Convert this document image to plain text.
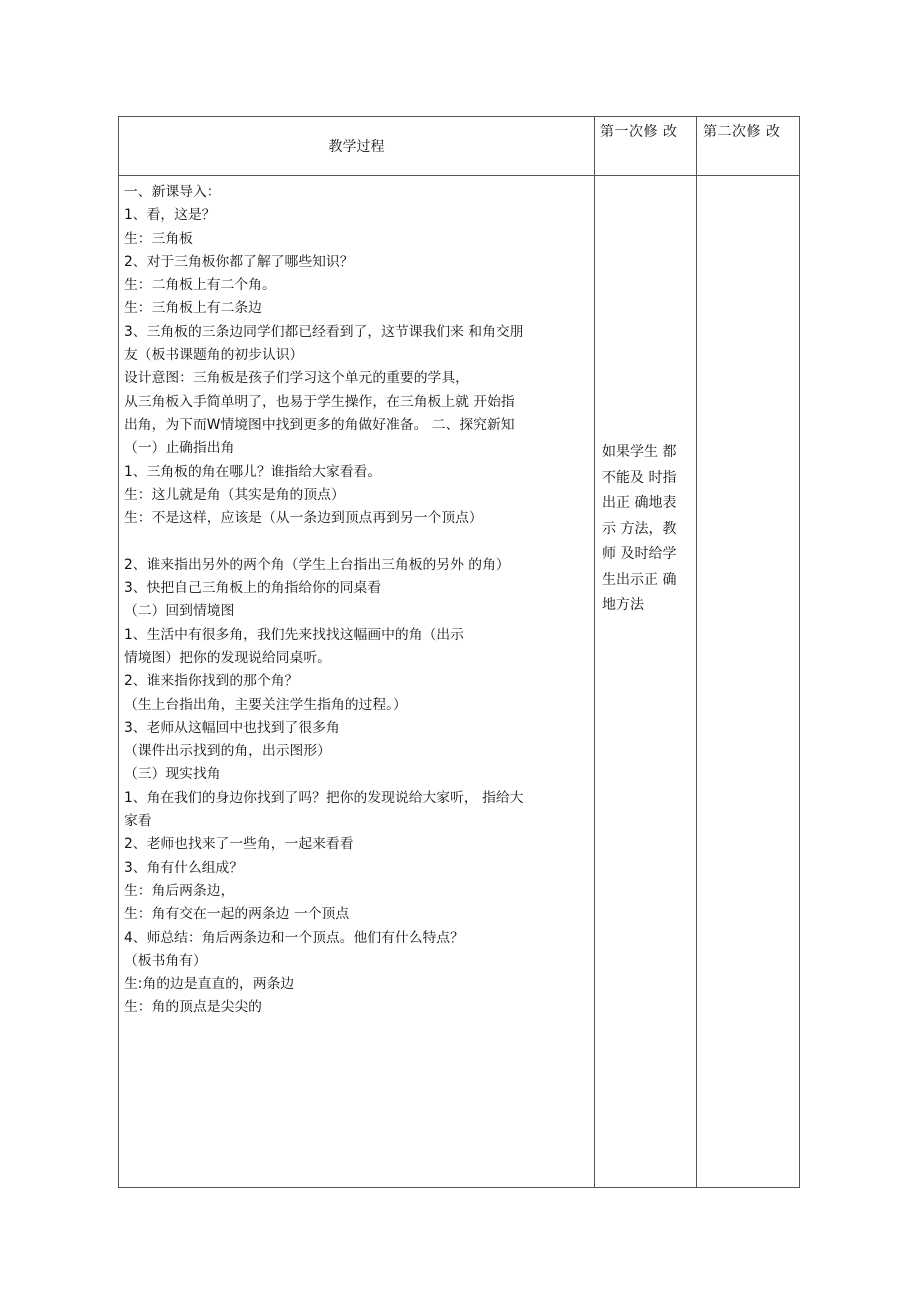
教学过程
第一次修 改 第二次修 改
一、新课导入：
1、看，这是？
生：三角板
2、对于三角板你都了解了哪些知识？
生：二角板上有二个角。
生：三角板上有二条边
3、三角板的三条边同学们都已经看到了，这节课我们来 和角交朋
友（板书课题角的初步认识）
设计意图：三角板是孩子们学习这个单元的重要的学具，
从三角板入手简单明了，也易于学生操作，在三角板上就 开始指
出角，为下而W情境图中找到更多的角做好准备。 二、探究新知
（一）止确指出角
1、三角板的角在哪儿？谁指给大家看看。
生：这儿就是角（其实是角的顶点）
生：不是这样，应该是（从一条边到顶点再到另一个顶点）
2、谁来指出另外的两个角（学生上台指出三角板的另外 的角）
3、快把自己三角板上的角指给你的同桌看
（二）回到情境图
1、生活中有很多角，我们先来找找这幅画中的角（出示
情境图）把你的发现说给同桌听。
2、谁来指你找到的那个角？
（生上台指出角，主要关注学生指角的过程。）
3、老师从这幅回中也找到了很多角
（课件出示找到的角，出示图形）
（三）现实找角
1、角在我们的身边你找到了吗？把你的发现说给大家听， 指给大
家看
2、老师也找来了一些角，一起来看看
3、角有什么组成？
生：角后两条边，
生：角有交在一起的两条边 一个顶点
4、师总结：角后两条边和一个顶点。他们有什么特点？
（板书角有）
生:角的边是直直的，两条边
生：角的顶点是尖尖的
如果学生 都
不能及 时指
出正 确地表
示 方法，教
师 及时给学
生出示正 确
地方法
